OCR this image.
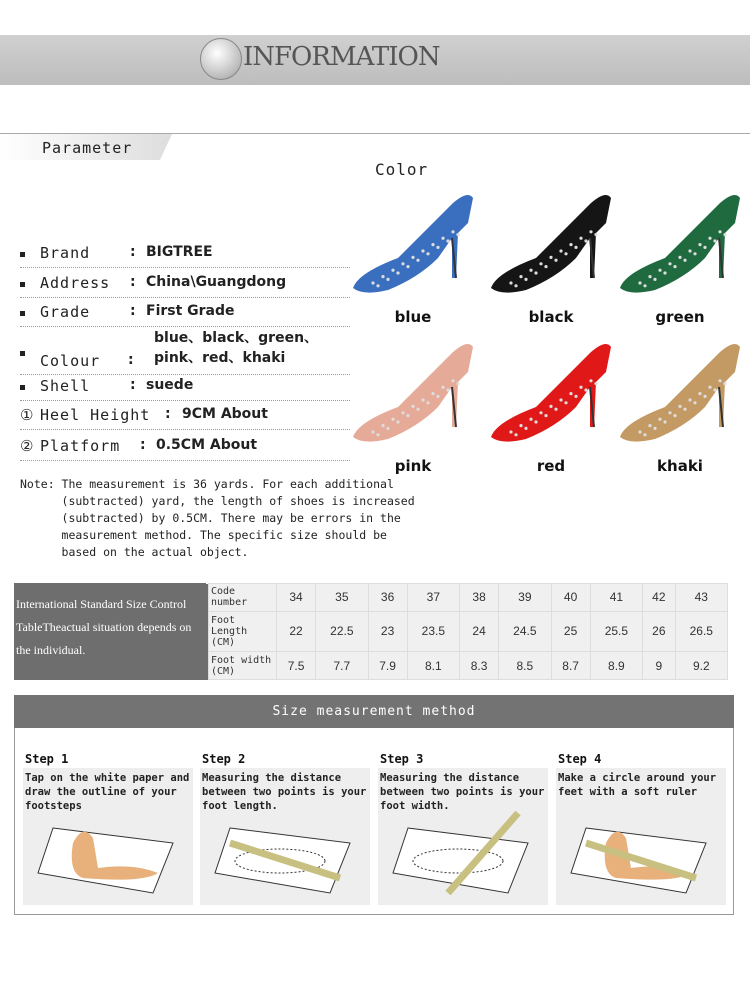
INFORMATION
Parameter
Color
Note: The measurement is 36 yards. For each additional
(subtracted) yard, the length of shoes is increased
(subtracted) by 0.5CM. There may be errors in the
measurement method. The specific size should be
based on the actual object.
	Code number	34	35	36	37	38	39	40	41	42	43
	Foot Length (CM)	22	22.5	23	23.5	24	24.5	25	25.5	26	26.5
	Foot width (CM)	7.5	7.7	7.9	8.1	8.3	8.5	8.7	8.9	9	9.2
International Standard Size Control TableTheactual situation depends on the individual.
Size measurement method
Brand	: BIGTREE
Address : China\Guangdong
Grade	: First Grade
Colour :
blue、black、green、pink、red、khaki
Shell	: suede
① Heel Height : 9CM About
② Platform : 0.5CM About
blue	black	green
pink	red	khaki
Step 1
Tap on the white paper and draw the outline of your footsteps
Step 2
Measuring the distance between two points is your foot length.
Step 3
Measuring the distance between two points is your foot width.
Step 4
Make a circle around your feet with a soft ruler
